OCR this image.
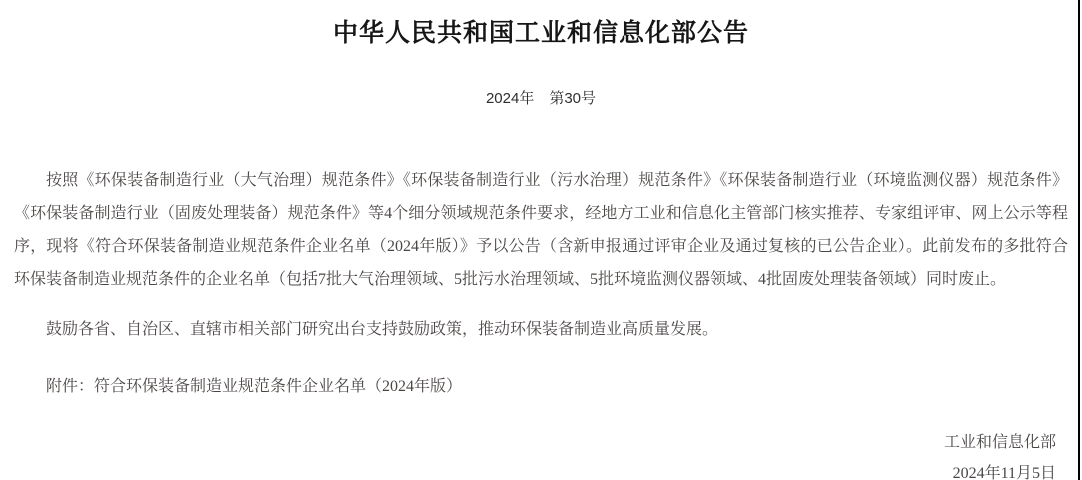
中华人民共和国工业和信息化部公告
2024年　第30号

按照《环保装备制造行业（大气治理）规范条件》《环保装备制造行业（污水治理）规范条件》《环保装备制造行业（环境监测仪器）规范条件》《环保装备制造行业（固废处理装备）规范条件》等4个细分领域规范条件要求，经地方工业和信息化主管部门核实推荐、专家组评审、网上公示等程序，现将《符合环保装备制造业规范条件企业名单（2024年版）》予以公告（含新申报通过评审企业及通过复核的已公告企业）。此前发布的多批符合环保装备制造业规范条件的企业名单（包括7批大气治理领域、5批污水治理领域、5批环境监测仪器领域、4批固废处理装备领域）同时废止。

鼓励各省、自治区、直辖市相关部门研究出台支持鼓励政策，推动环保装备制造业高质量发展。

附件：符合环保装备制造业规范条件企业名单（2024年版）

工业和信息化部
2024年11月5日
